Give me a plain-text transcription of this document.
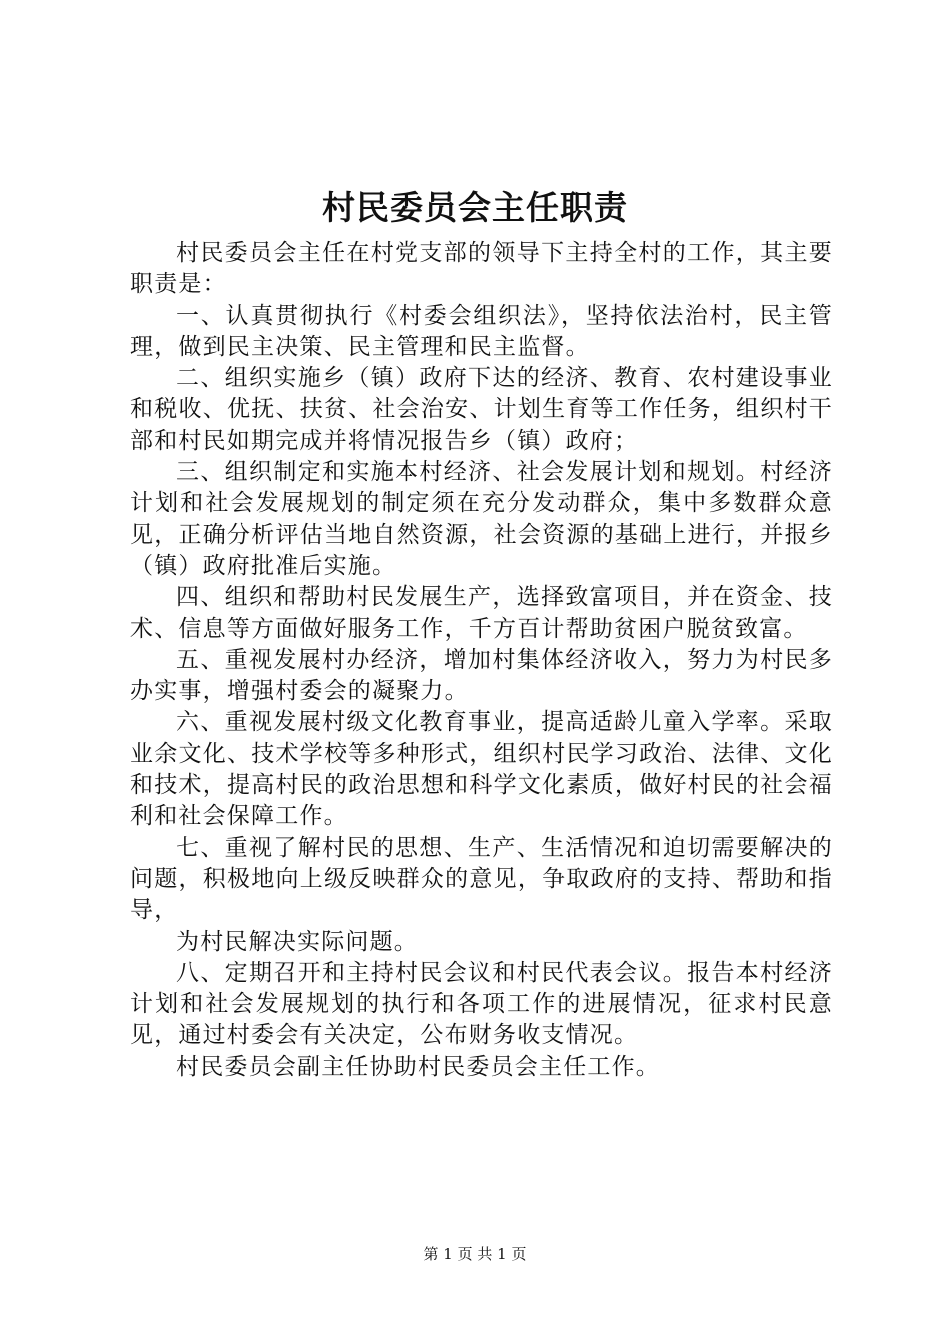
村民委员会主任职责

村民委员会主任在村党支部的领导下主持全村的工作，其主要职责是：

一、认真贯彻执行《村委会组织法》，坚持依法治村，民主管理，做到民主决策、民主管理和民主监督。

二、组织实施乡（镇）政府下达的经济、教育、农村建设事业和税收、优抚、扶贫、社会治安、计划生育等工作任务，组织村干部和村民如期完成并将情况报告乡（镇）政府；

三、组织制定和实施本村经济、社会发展计划和规划。村经济计划和社会发展规划的制定须在充分发动群众，集中多数群众意见，正确分析评估当地自然资源，社会资源的基础上进行，并报乡（镇）政府批准后实施。

四、组织和帮助村民发展生产，选择致富项目，并在资金、技术、信息等方面做好服务工作，千方百计帮助贫困户脱贫致富。

五、重视发展村办经济，增加村集体经济收入，努力为村民多办实事，增强村委会的凝聚力。

六、重视发展村级文化教育事业，提高适龄儿童入学率。采取业余文化、技术学校等多种形式，组织村民学习政治、法律、文化和技术，提高村民的政治思想和科学文化素质，做好村民的社会福利和社会保障工作。

七、重视了解村民的思想、生产、生活情况和迫切需要解决的问题，积极地向上级反映群众的意见，争取政府的支持、帮助和指导，

为村民解决实际问题。

八、定期召开和主持村民会议和村民代表会议。报告本村经济计划和社会发展规划的执行和各项工作的进展情况，征求村民意见，通过村委会有关决定，公布财务收支情况。

村民委员会副主任协助村民委员会主任工作。

第 1 页 共 1 页
